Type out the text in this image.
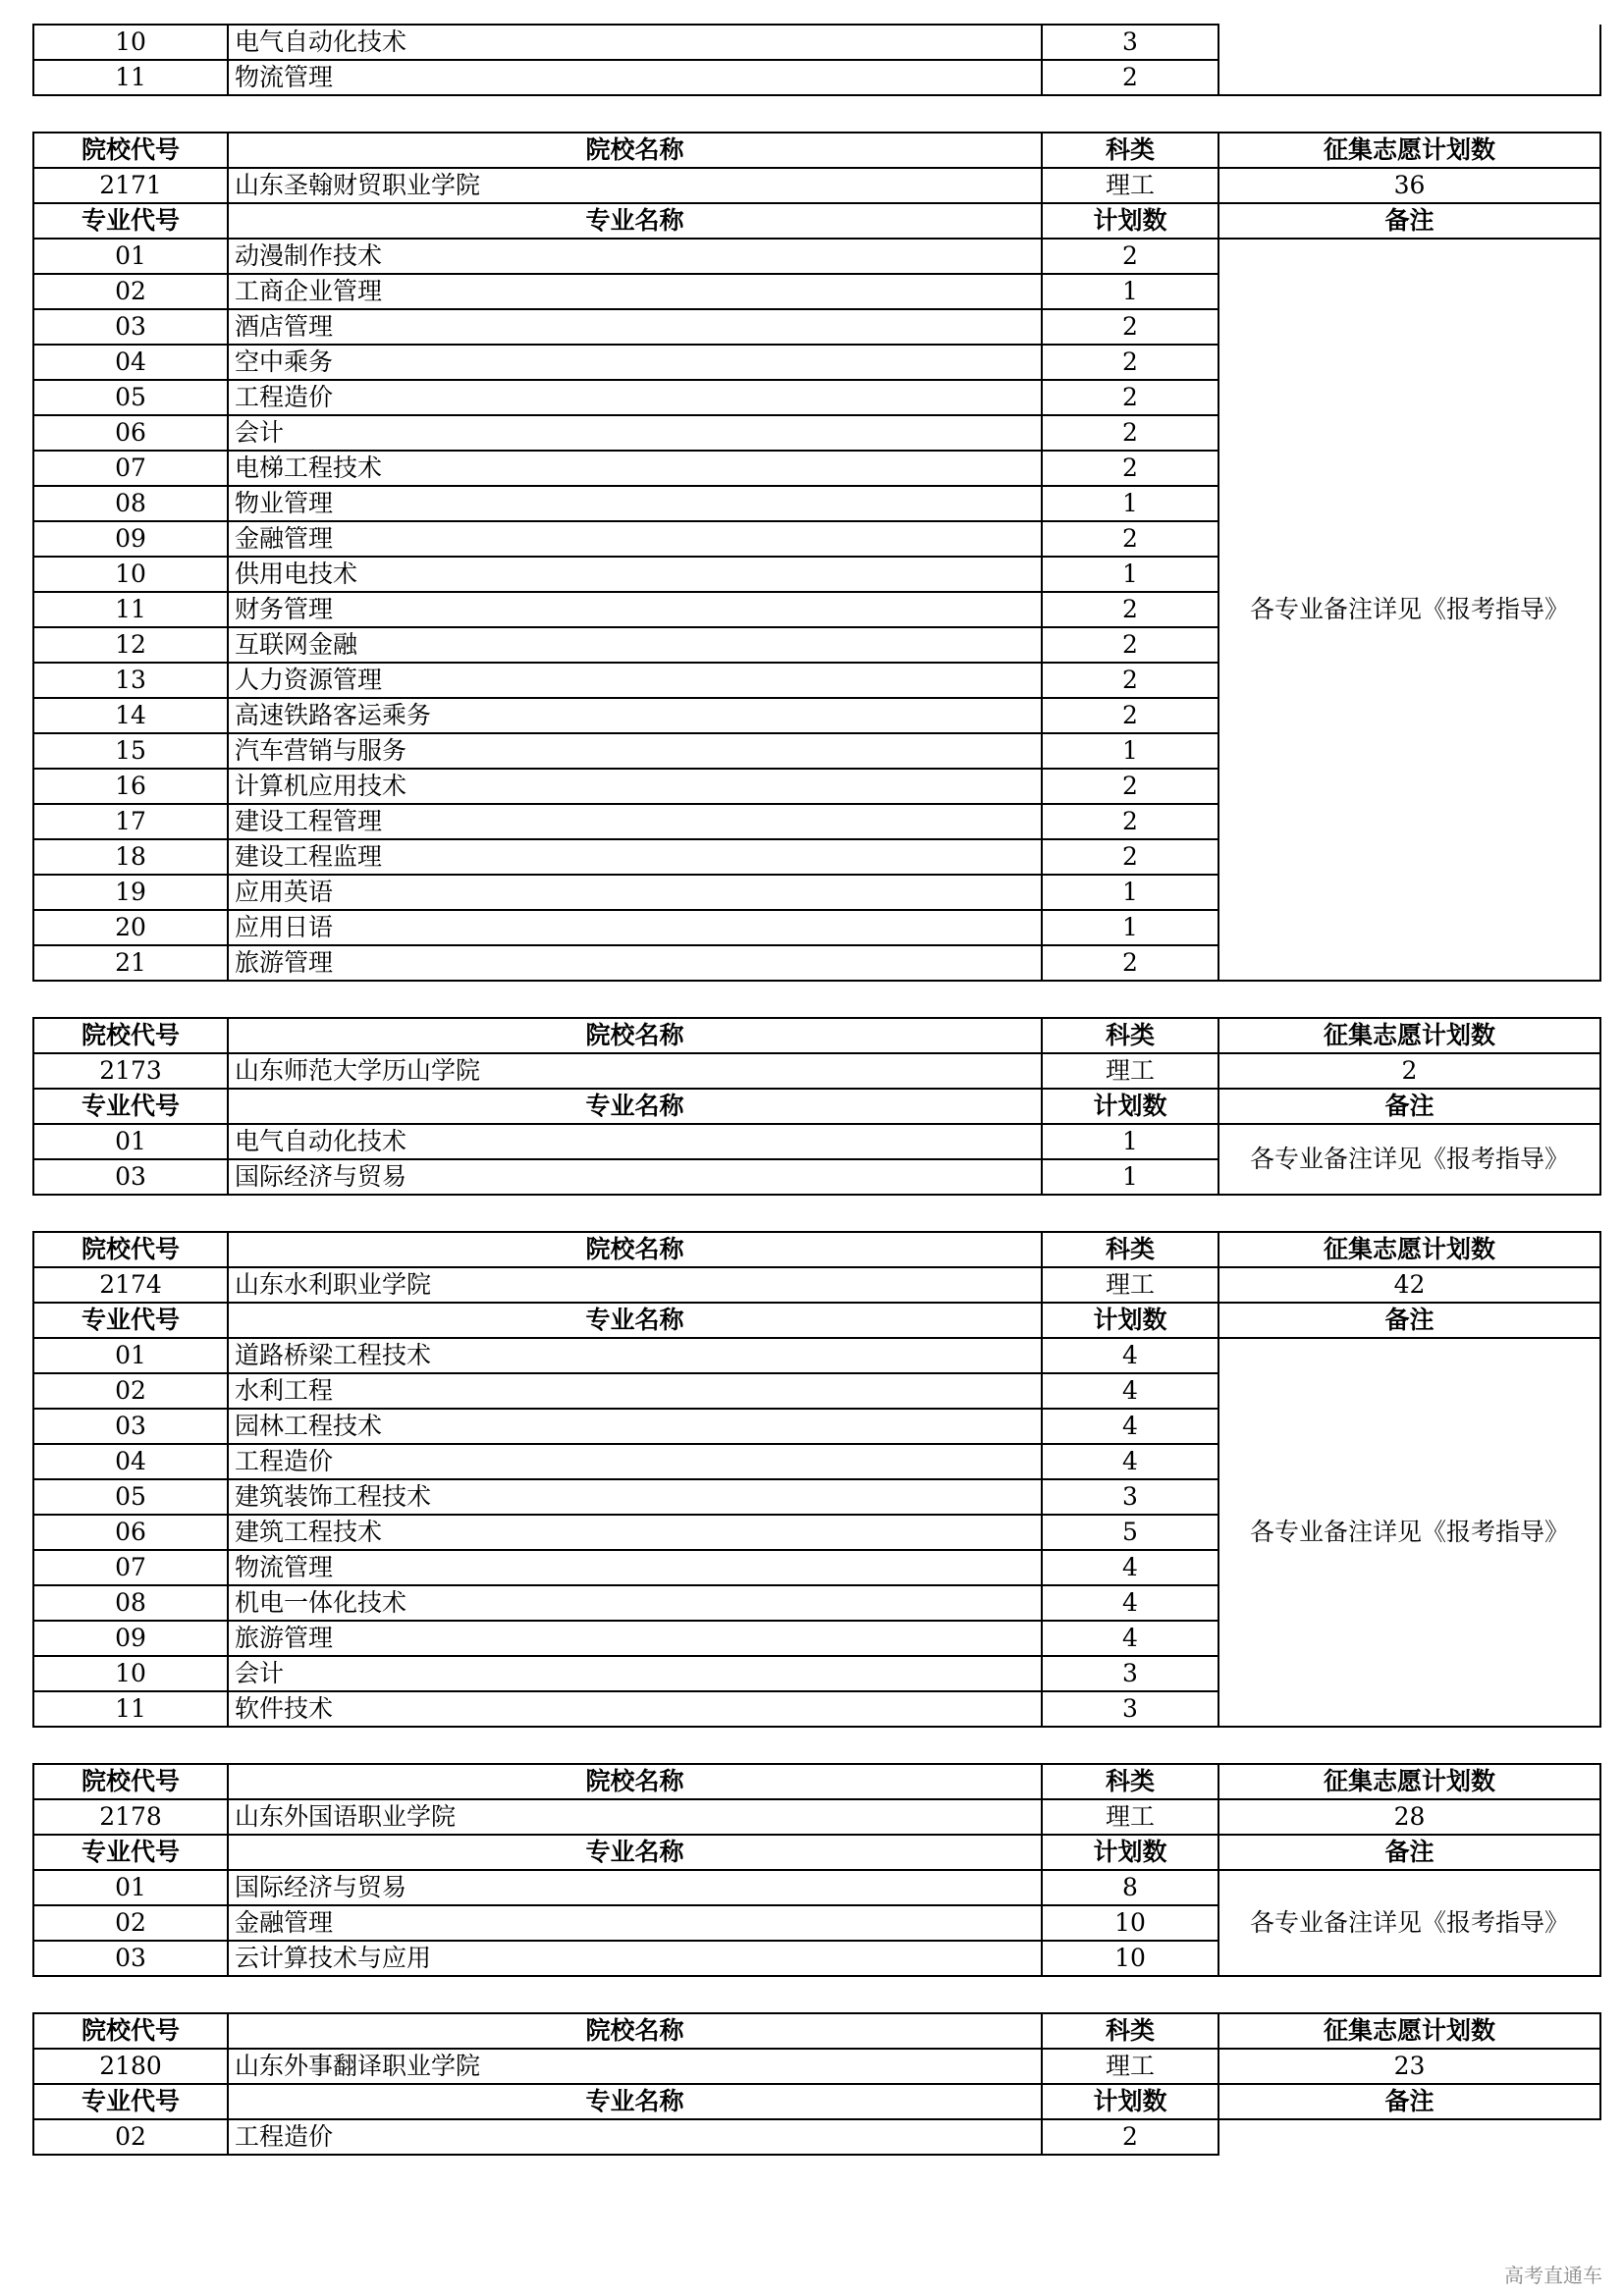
10	电气自动化技术	3	
11	物流管理	2	
院校代号	院校名称	科类	征集志愿计划数
2171	山东圣翰财贸职业学院	理工	36
专业代号	专业名称	计划数	备注
01	动漫制作技术	2	各专业备注详见《报考指导》
02	工商企业管理	1	
03	酒店管理	2	
04	空中乘务	2	
05	工程造价	2	
06	会计	2	
07	电梯工程技术	2	
08	物业管理	1	
09	金融管理	2	
10	供用电技术	1	
11	财务管理	2	
12	互联网金融	2	
13	人力资源管理	2	
14	高速铁路客运乘务	2	
15	汽车营销与服务	1	
16	计算机应用技术	2	
17	建设工程管理	2	
18	建设工程监理	2	
19	应用英语	1	
20	应用日语	1	
21	旅游管理	2	
院校代号	院校名称	科类	征集志愿计划数
2173	山东师范大学历山学院	理工	2
专业代号	专业名称	计划数	备注
01	电气自动化技术	1	各专业备注详见《报考指导》
03	国际经济与贸易	1	
院校代号	院校名称	科类	征集志愿计划数
2174	山东水利职业学院	理工	42
专业代号	专业名称	计划数	备注
01	道路桥梁工程技术	4	各专业备注详见《报考指导》
02	水利工程	4	
03	园林工程技术	4	
04	工程造价	4	
05	建筑装饰工程技术	3	
06	建筑工程技术	5	
07	物流管理	4	
08	机电一体化技术	4	
09	旅游管理	4	
10	会计	3	
11	软件技术	3	
院校代号	院校名称	科类	征集志愿计划数
2178	山东外国语职业学院	理工	28
专业代号	专业名称	计划数	备注
01	国际经济与贸易	8	各专业备注详见《报考指导》
02	金融管理	10	
03	云计算技术与应用	10	
院校代号	院校名称	科类	征集志愿计划数
2180	山东外事翻译职业学院	理工	23
专业代号	专业名称	计划数	备注
02	工程造价	2	
高考直通车
